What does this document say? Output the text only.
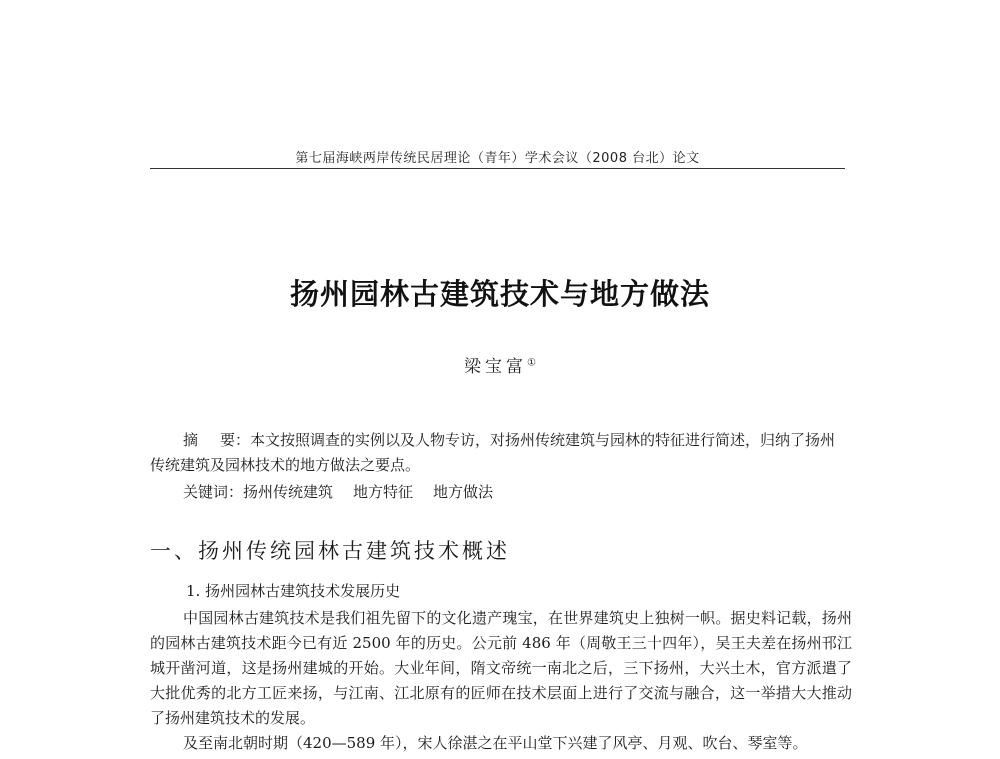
第七届海峡两岸传统民居理论（青年）学术会议（2008 台北）论文
扬州园林古建筑技术与地方做法
梁宝富①

摘 要：本文按照调查的实例以及人物专访，对扬州传统建筑与园林的特征进行简述，归纳了扬州传统建筑及园林技术的地方做法之要点。

关键词：扬州传统建筑 地方特征 地方做法

一、扬州传统园林古建筑技术概述
1. 扬州园林古建筑技术发展历史

中国园林古建筑技术是我们祖先留下的文化遗产瑰宝，在世界建筑史上独树一帜。据史料记载，扬州的园林古建筑技术距今已有近 2500 年的历史。公元前 486 年（周敬王三十四年），吴王夫差在扬州邗江城开凿河道，这是扬州建城的开始。大业年间，隋文帝统一南北之后，三下扬州，大兴土木，官方派遣了大批优秀的北方工匠来扬，与江南、江北原有的匠师在技术层面上进行了交流与融合，这一举措大大推动了扬州建筑技术的发展。

及至南北朝时期（420—589 年），宋人徐湛之在平山堂下兴建了风亭、月观、吹台、琴室等。
